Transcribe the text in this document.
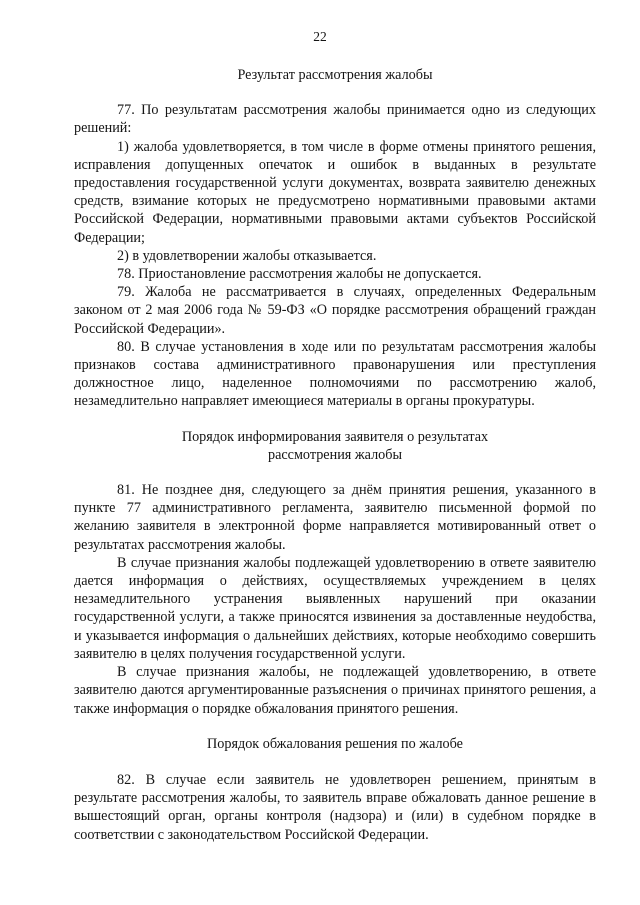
22

Результат рассмотрения жалобы

77. По результатам рассмотрения жалобы принимается одно из следующих решений:

1) жалоба удовлетворяется, в том числе в форме отмены принятого решения, исправления допущенных опечаток и ошибок в выданных в результате предоставления государственной услуги документах, возврата заявителю денежных средств, взимание которых не предусмотрено нормативными правовыми актами Российской Федерации, нормативными правовыми актами субъектов Российской Федерации;

2) в удовлетворении жалобы отказывается.

78. Приостановление рассмотрения жалобы не допускается.

79. Жалоба не рассматривается в случаях, определенных Федеральным законом от 2 мая 2006 года № 59-ФЗ «О порядке рассмотрения обращений граждан Российской Федерации».

80. В случае установления в ходе или по результатам рассмотрения жалобы признаков состава административного правонарушения или преступления должностное лицо, наделенное полномочиями по рассмотрению жалоб, незамедлительно направляет имеющиеся материалы в органы прокуратуры.

Порядок информирования заявителя о результатах
рассмотрения жалобы

81. Не позднее дня, следующего за днём принятия решения, указанного в пункте 77 административного регламента, заявителю письменной формой по желанию заявителя в электронной форме направляется мотивированный ответ о результатах рассмотрения жалобы.

В случае признания жалобы подлежащей удовлетворению в ответе заявителю дается информация о действиях, осуществляемых учреждением в целях незамедлительного устранения выявленных нарушений при оказании государственной услуги, а также приносятся извинения за доставленные неудобства, и указывается информация о дальнейших действиях, которые необходимо совершить заявителю в целях получения государственной услуги.

В случае признания жалобы, не подлежащей удовлетворению, в ответе заявителю даются аргументированные разъяснения о причинах принятого решения, а также информация о порядке обжалования принятого решения.

Порядок обжалования решения по жалобе

82. В случае если заявитель не удовлетворен решением, принятым в результате рассмотрения жалобы, то заявитель вправе обжаловать данное решение в вышестоящий орган, органы контроля (надзора) и (или) в судебном порядке в соответствии с законодательством Российской Федерации.
